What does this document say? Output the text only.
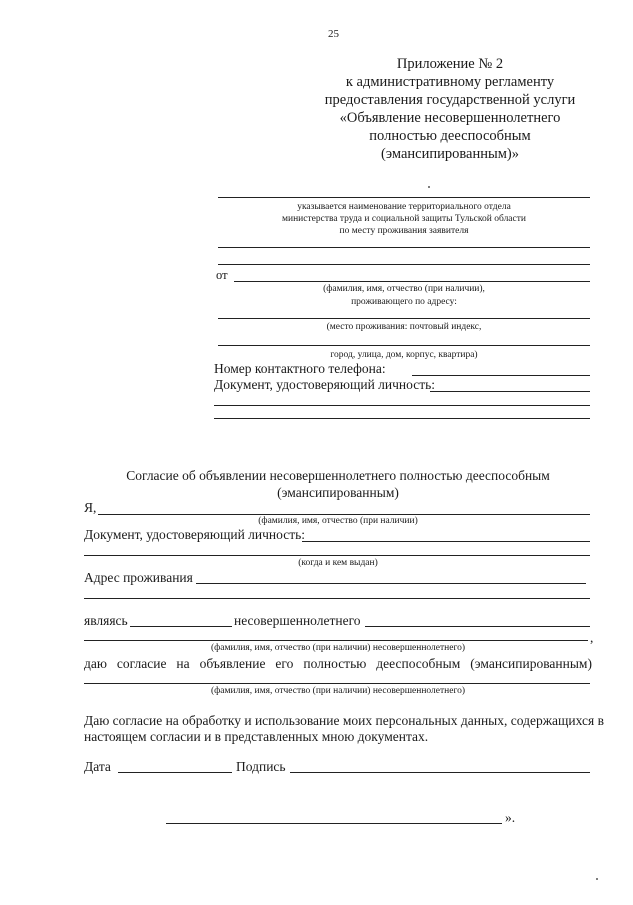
25
Приложение № 2
к административному регламенту
предоставления государственной услуги
«Объявление несовершеннолетнего
полностью дееспособным
(эмансипированным)»
указывается наименование территориального отдела
министерства труда и социальной защиты Тульской области
по месту проживания заявителя
от
(фамилия, имя, отчество (при наличии),
проживающего по адресу:
(место проживания: почтовый индекс,
город, улица, дом, корпус, квартира)
Номер контактного телефона:
Документ, удостоверяющий личность:
Согласие об объявлении несовершеннолетнего полностью дееспособным
(эмансипированным)
Я,
(фамилия, имя, отчество (при наличии)
Документ, удостоверяющий личность:
(когда и кем выдан)
Адрес проживания
являясь	несовершеннолетнего
,
(фамилия, имя, отчество (при наличии) несовершеннолетнего)
даю согласие на объявление его полностью дееспособным (эмансипированным)
(фамилия, имя, отчество (при наличии) несовершеннолетнего)
Даю согласие на обработку и использование моих персональных данных, содержащихся в
настоящем согласии и в представленных мною документах.
Дата	Подпись
».
